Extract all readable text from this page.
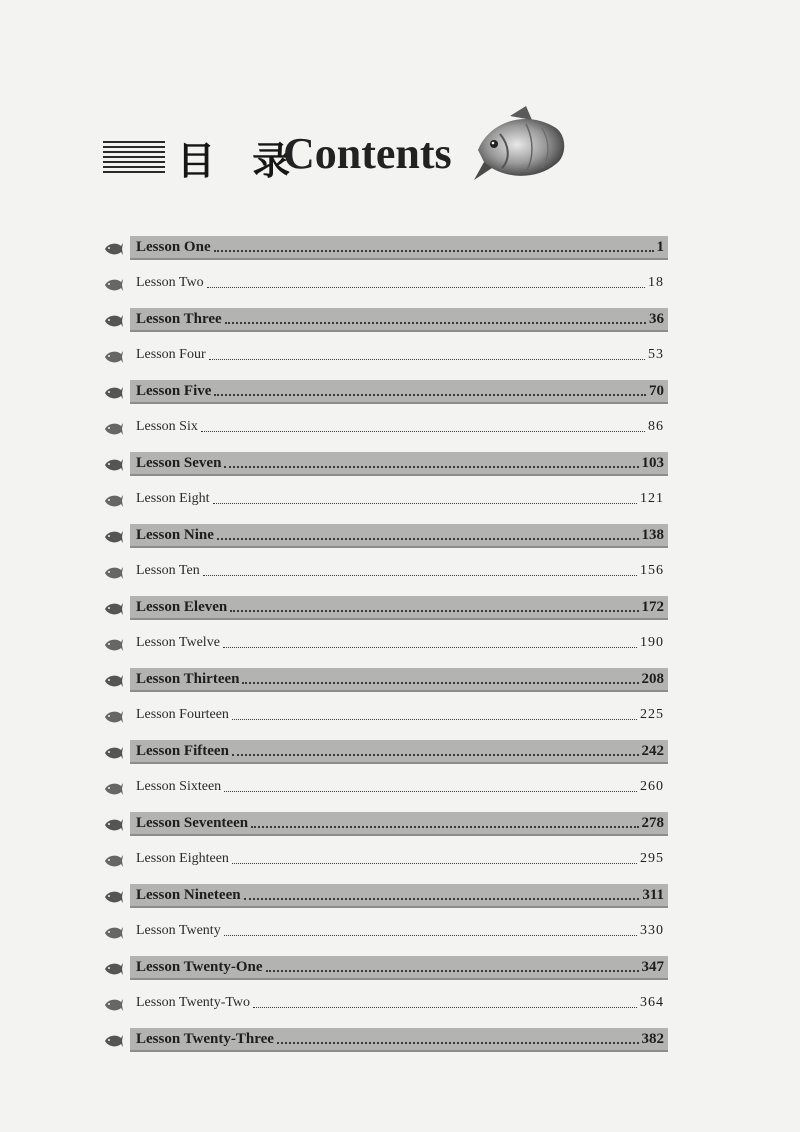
目 录
Contents
Lesson One	1
Lesson Two	18
Lesson Three	36
Lesson Four	53
Lesson Five	70
Lesson Six	86
Lesson Seven	103
Lesson Eight	121
Lesson Nine	138
Lesson Ten	156
Lesson Eleven	172
Lesson Twelve	190
Lesson Thirteen	208
Lesson Fourteen	225
Lesson Fifteen	242
Lesson Sixteen	260
Lesson Seventeen	278
Lesson Eighteen	295
Lesson Nineteen	311
Lesson Twenty	330
Lesson Twenty-One	347
Lesson Twenty-Two	364
Lesson Twenty-Three	382
